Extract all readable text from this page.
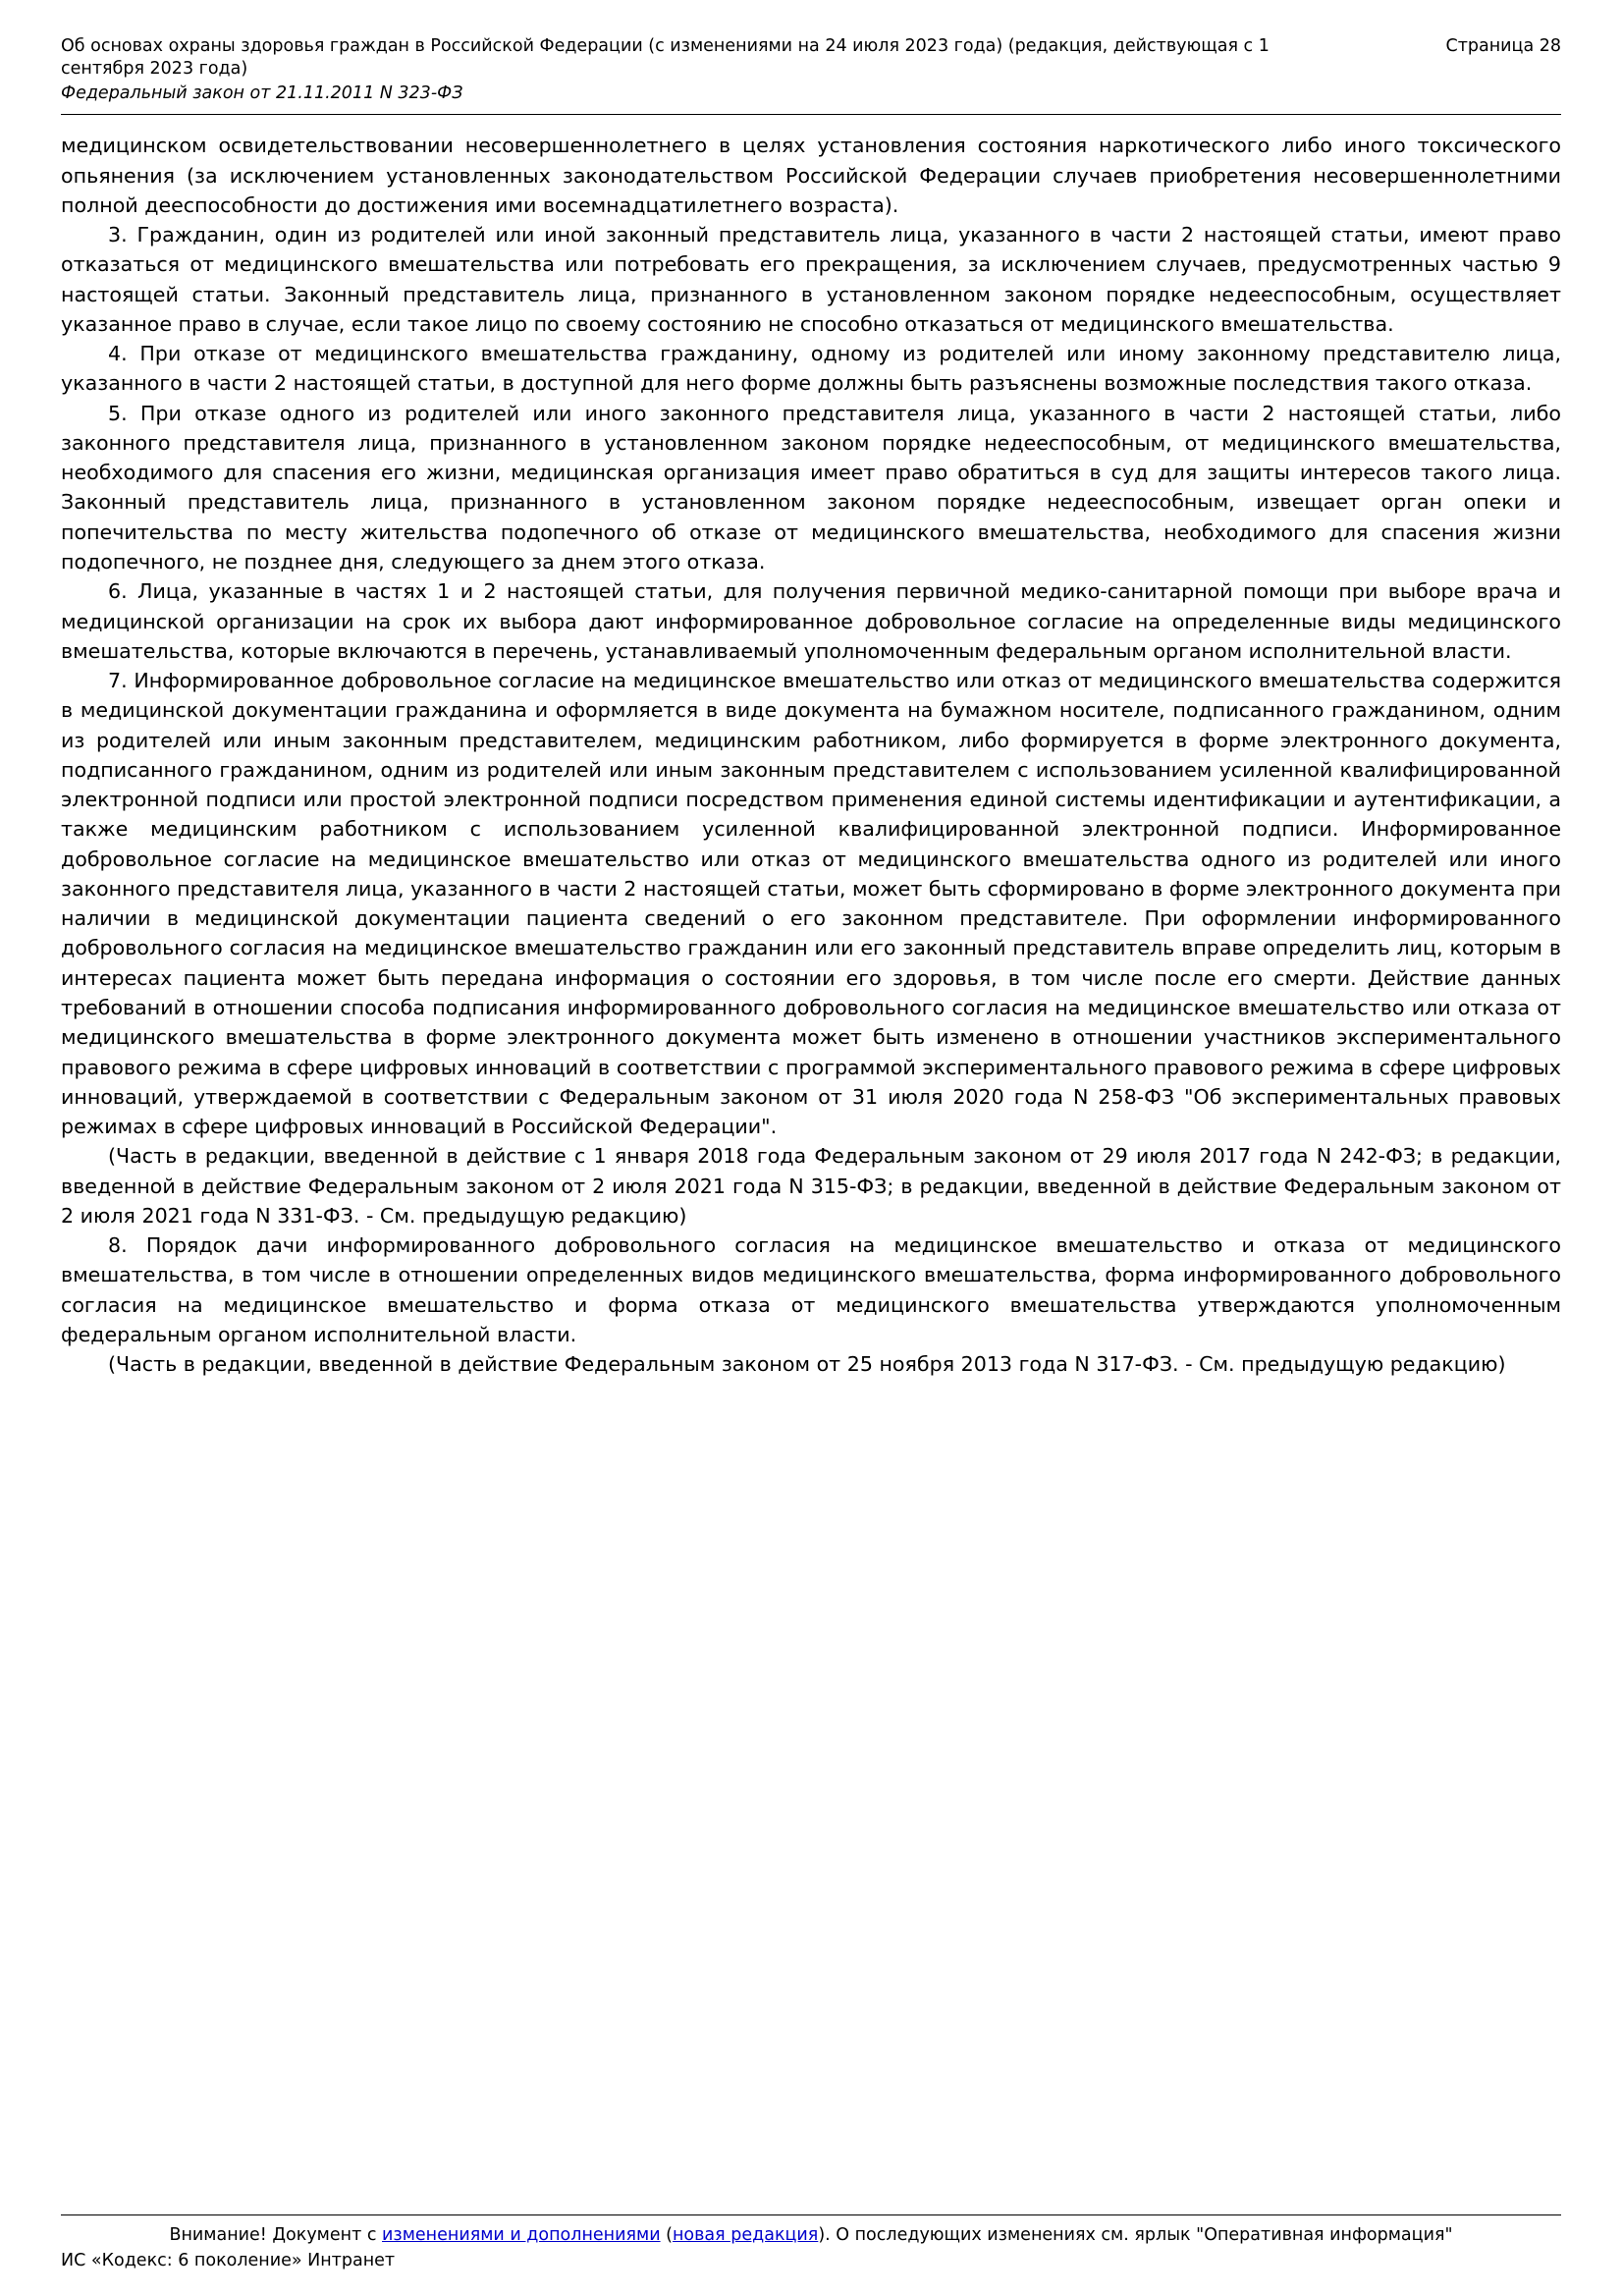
Об основах охраны здоровья граждан в Российской Федерации (с изменениями на 24 июля 2023 года) (редакция, действующая с 1 сентября 2023 года)
Страница 28
Федеральный закон от 21.11.2011 N 323-ФЗ

медицинском освидетельствовании несовершеннолетнего в целях установления состояния наркотического либо иного токсического опьянения (за исключением установленных законодательством Российской Федерации случаев приобретения несовершеннолетними полной дееспособности до достижения ими восемнадцатилетнего возраста).

3. Гражданин, один из родителей или иной законный представитель лица, указанного в части 2 настоящей статьи, имеют право отказаться от медицинского вмешательства или потребовать его прекращения, за исключением случаев, предусмотренных частью 9 настоящей статьи. Законный представитель лица, признанного в установленном законом порядке недееспособным, осуществляет указанное право в случае, если такое лицо по своему состоянию не способно отказаться от медицинского вмешательства.

4. При отказе от медицинского вмешательства гражданину, одному из родителей или иному законному представителю лица, указанного в части 2 настоящей статьи, в доступной для него форме должны быть разъяснены возможные последствия такого отказа.

5. При отказе одного из родителей или иного законного представителя лица, указанного в части 2 настоящей статьи, либо законного представителя лица, признанного в установленном законом порядке недееспособным, от медицинского вмешательства, необходимого для спасения его жизни, медицинская организация имеет право обратиться в суд для защиты интересов такого лица. Законный представитель лица, признанного в установленном законом порядке недееспособным, извещает орган опеки и попечительства по месту жительства подопечного об отказе от медицинского вмешательства, необходимого для спасения жизни подопечного, не позднее дня, следующего за днем этого отказа.

6. Лица, указанные в частях 1 и 2 настоящей статьи, для получения первичной медико-санитарной помощи при выборе врача и медицинской организации на срок их выбора дают информированное добровольное согласие на определенные виды медицинского вмешательства, которые включаются в перечень, устанавливаемый уполномоченным федеральным органом исполнительной власти.

7. Информированное добровольное согласие на медицинское вмешательство или отказ от медицинского вмешательства содержится в медицинской документации гражданина и оформляется в виде документа на бумажном носителе, подписанного гражданином, одним из родителей или иным законным представителем, медицинским работником, либо формируется в форме электронного документа, подписанного гражданином, одним из родителей или иным законным представителем с использованием усиленной квалифицированной электронной подписи или простой электронной подписи посредством применения единой системы идентификации и аутентификации, а также медицинским работником с использованием усиленной квалифицированной электронной подписи. Информированное добровольное согласие на медицинское вмешательство или отказ от медицинского вмешательства одного из родителей или иного законного представителя лица, указанного в части 2 настоящей статьи, может быть сформировано в форме электронного документа при наличии в медицинской документации пациента сведений о его законном представителе. При оформлении информированного добровольного согласия на медицинское вмешательство гражданин или его законный представитель вправе определить лиц, которым в интересах пациента может быть передана информация о состоянии его здоровья, в том числе после его смерти. Действие данных требований в отношении способа подписания информированного добровольного согласия на медицинское вмешательство или отказа от медицинского вмешательства в форме электронного документа может быть изменено в отношении участников экспериментального правового режима в сфере цифровых инноваций в соответствии с программой экспериментального правового режима в сфере цифровых инноваций, утверждаемой в соответствии с Федеральным законом от 31 июля 2020 года N 258-ФЗ "Об экспериментальных правовых режимах в сфере цифровых инноваций в Российской Федерации".

(Часть в редакции, введенной в действие с 1 января 2018 года Федеральным законом от 29 июля 2017 года N 242-ФЗ; в редакции, введенной в действие Федеральным законом от 2 июля 2021 года N 315-ФЗ; в редакции, введенной в действие Федеральным законом от 2 июля 2021 года N 331-ФЗ. - См. предыдущую редакцию)

8. Порядок дачи информированного добровольного согласия на медицинское вмешательство и отказа от медицинского вмешательства, в том числе в отношении определенных видов медицинского вмешательства, форма информированного добровольного согласия на медицинское вмешательство и форма отказа от медицинского вмешательства утверждаются уполномоченным федеральным органом исполнительной власти.

(Часть в редакции, введенной в действие Федеральным законом от 25 ноября 2013 года N 317-ФЗ. - См. предыдущую редакцию)

Внимание! Документ с изменениями и дополнениями (новая редакция). О последующих изменениях см. ярлык "Оперативная информация"
ИС «Кодекс: 6 поколение» Интранет
